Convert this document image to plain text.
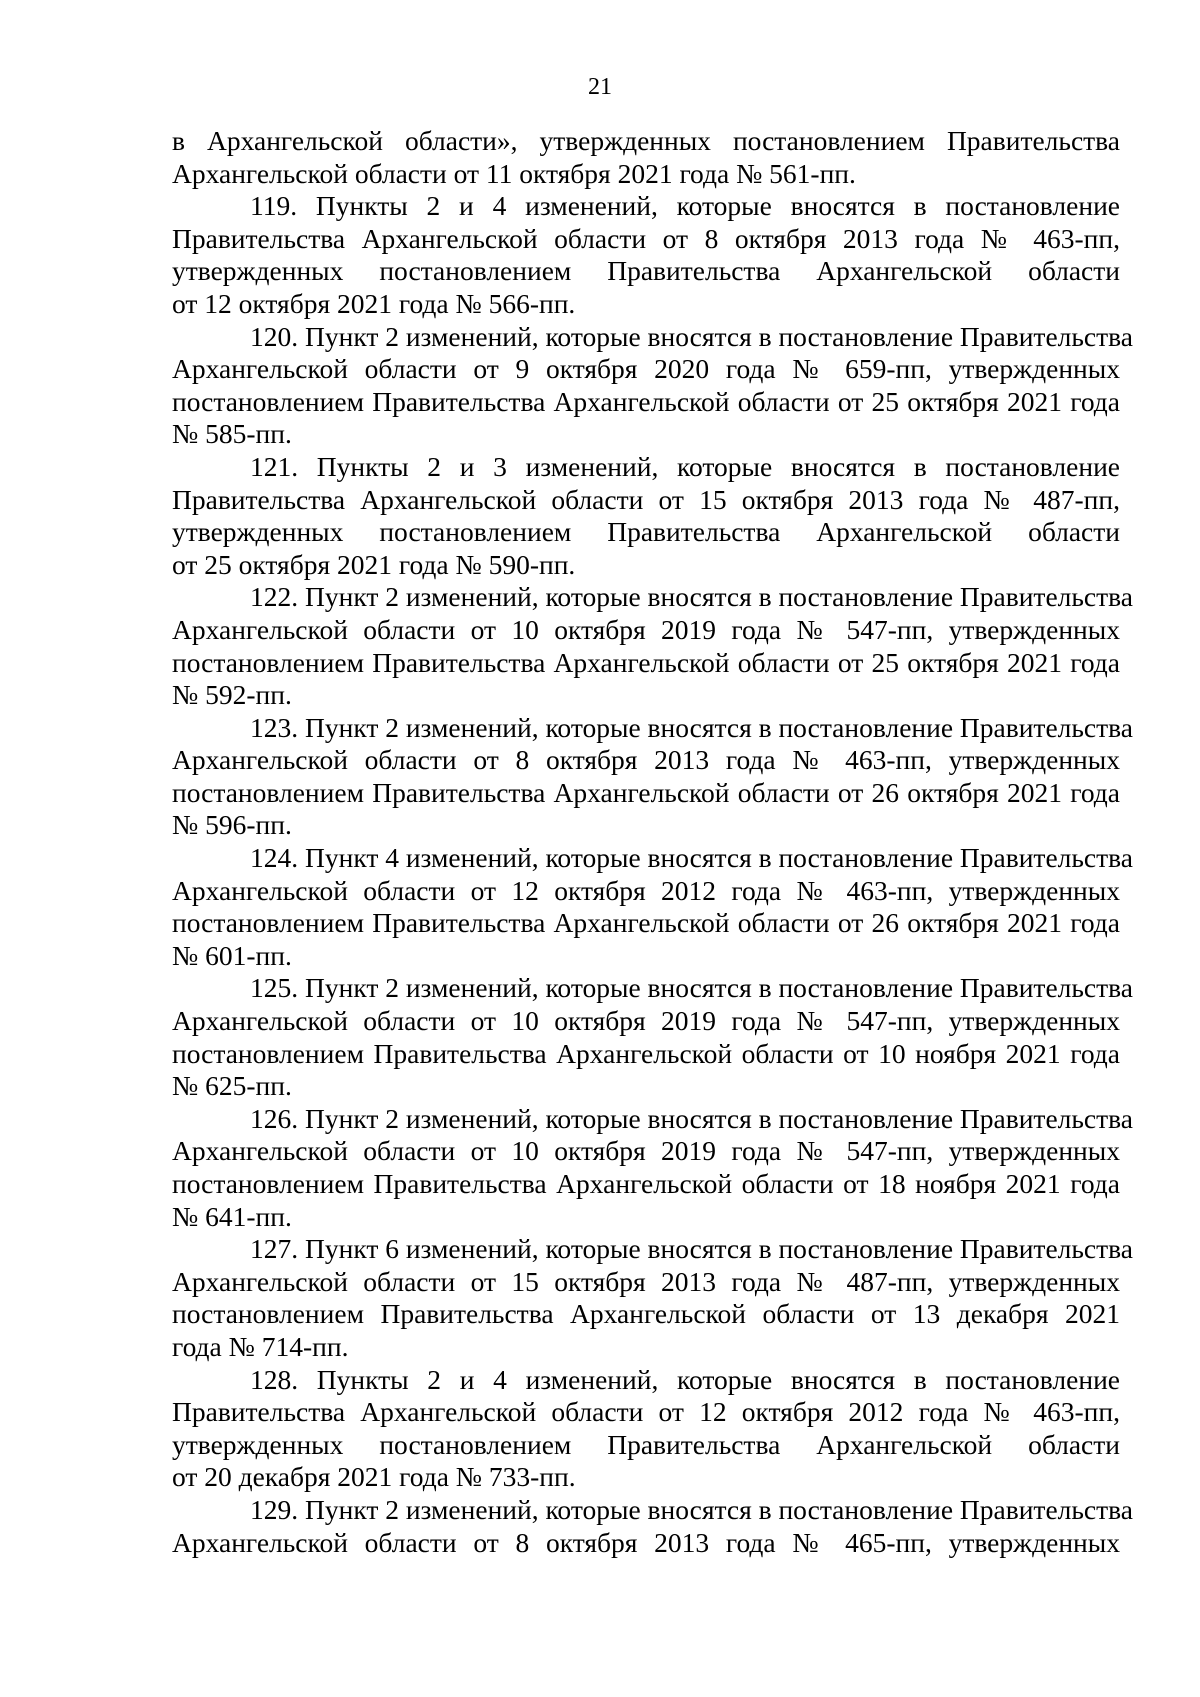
21
в Архангельской области», утвержденных постановлением Правительства
Архангельской области от 11 октября 2021 года № 561-пп.
119. Пункты 2 и 4 изменений, которые вносятся в постановление
Правительства Архангельской области от 8 октября 2013 года № 463-пп,
утвержденных постановлением Правительства Архангельской области
от 12 октября 2021 года № 566-пп.
120. Пункт 2 изменений, которые вносятся в постановление Правительства
Архангельской области от 9 октября 2020 года № 659-пп, утвержденных
постановлением Правительства Архангельской области от 25 октября 2021 года
№ 585-пп.
121. Пункты 2 и 3 изменений, которые вносятся в постановление
Правительства Архангельской области от 15 октября 2013 года № 487-пп,
утвержденных постановлением Правительства Архангельской области
от 25 октября 2021 года № 590-пп.
122. Пункт 2 изменений, которые вносятся в постановление Правительства
Архангельской области от 10 октября 2019 года № 547-пп, утвержденных
постановлением Правительства Архангельской области от 25 октября 2021 года
№ 592-пп.
123. Пункт 2 изменений, которые вносятся в постановление Правительства
Архангельской области от 8 октября 2013 года № 463-пп, утвержденных
постановлением Правительства Архангельской области от 26 октября 2021 года
№ 596-пп.
124. Пункт 4 изменений, которые вносятся в постановление Правительства
Архангельской области от 12 октября 2012 года № 463-пп, утвержденных
постановлением Правительства Архангельской области от 26 октября 2021 года
№ 601-пп.
125. Пункт 2 изменений, которые вносятся в постановление Правительства
Архангельской области от 10 октября 2019 года № 547-пп, утвержденных
постановлением Правительства Архангельской области от 10 ноября 2021 года
№ 625-пп.
126. Пункт 2 изменений, которые вносятся в постановление Правительства
Архангельской области от 10 октября 2019 года № 547-пп, утвержденных
постановлением Правительства Архангельской области от 18 ноября 2021 года
№ 641-пп.
127. Пункт 6 изменений, которые вносятся в постановление Правительства
Архангельской области от 15 октября 2013 года № 487-пп, утвержденных
постановлением Правительства Архангельской области от 13 декабря 2021
года № 714-пп.
128. Пункты 2 и 4 изменений, которые вносятся в постановление
Правительства Архангельской области от 12 октября 2012 года № 463-пп,
утвержденных постановлением Правительства Архангельской области
от 20 декабря 2021 года № 733-пп.
129. Пункт 2 изменений, которые вносятся в постановление Правительства
Архангельской области от 8 октября 2013 года № 465-пп, утвержденных
